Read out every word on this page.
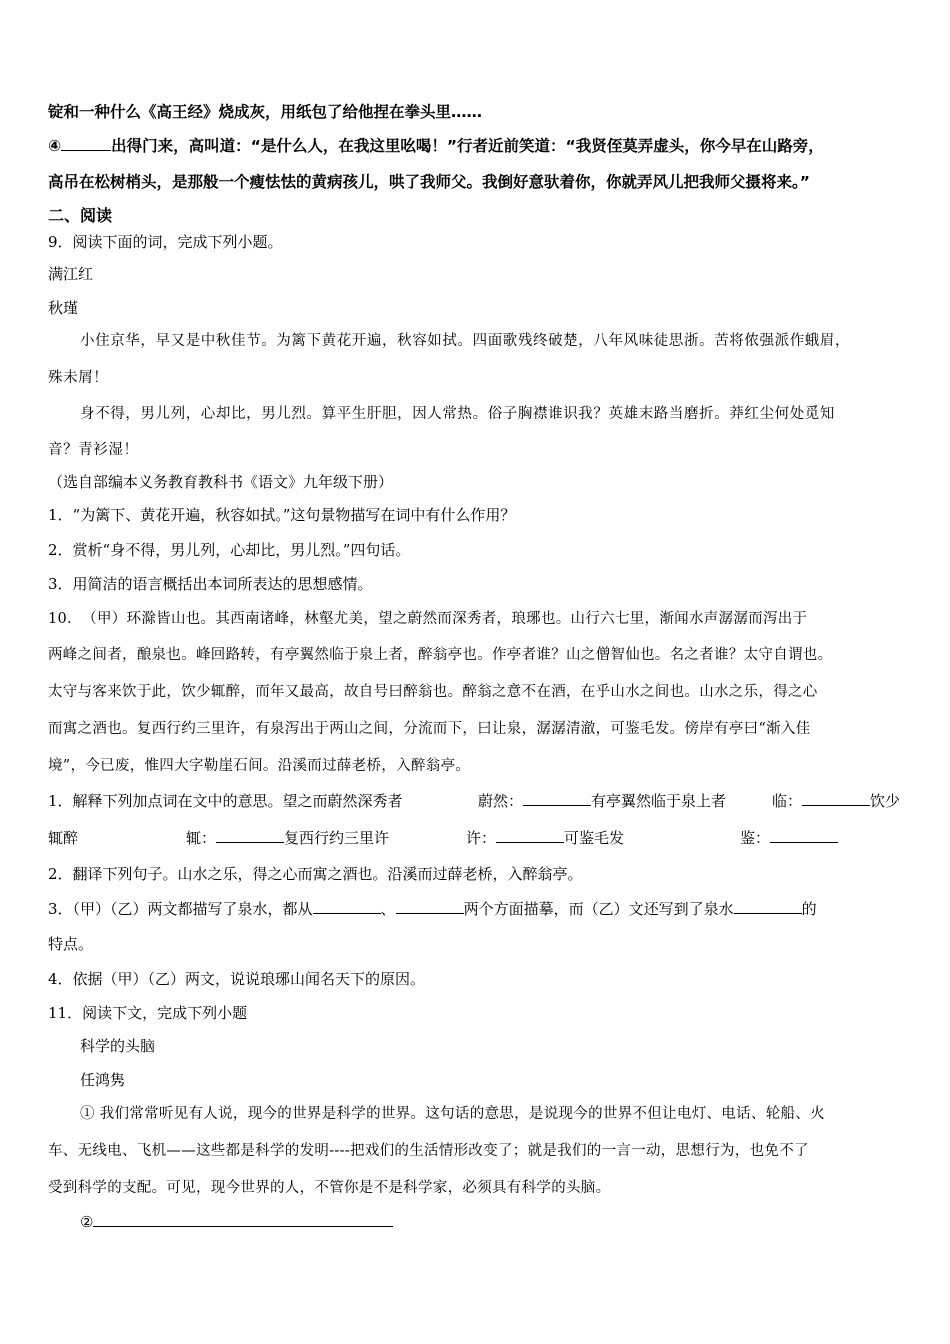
锭和一种什么《高王经》烧成灰，用纸包了给他捏在拳头里……
④	出得门来，高叫道：“是什么人，在我这里吆喝！”行者近前笑道：“我贤侄莫弄虚头，你今早在山路旁，
高吊在松树梢头，是那般一个瘦怯怯的黄病孩儿，哄了我师父。我倒好意驮着你，你就弄风儿把我师父摄将来。”
二、阅读
9．阅读下面的词，完成下列小题。
满江红
秋瑾
小住京华，早又是中秋佳节。为篱下黄花开遍，秋容如拭。四面歌残终破楚，八年风味徒思浙。苦将侬强派作蛾眉，
殊未屑！
身不得，男儿列，心却比，男儿烈。算平生肝胆，因人常热。俗子胸襟谁识我？英雄末路当磨折。莽红尘何处觅知
音？青衫湿！
（选自部编本义务教育教科书《语文》九年级下册）
1．“为篱下、黄花开遍，秋容如拭。”这句景物描写在词中有什么作用？
2．赏析“身不得，男儿列，心却比，男儿烈。”四句话。
3．用简洁的语言概括出本词所表达的思想感情。
10．　（甲）环滁皆山也。其西南诸峰，林壑尤美，望之蔚然而深秀者，琅琊也。山行六七里，渐闻水声潺潺而泻出于
两峰之间者，酿泉也。峰回路转，有亭翼然临于泉上者，醉翁亭也。作亭者谁？山之僧智仙也。名之者谁？太守自谓也。
太守与客来饮于此，饮少辄醉，而年又最高，故自号曰醉翁也。醉翁之意不在酒，在乎山水之间也。山水之乐，得之心
而寓之酒也。复西行约三里许，有泉泻出于两山之间，分流而下，曰让泉，潺潺清澈，可鉴毛发。傍岸有亭曰“渐入佳
境”，今已废，惟四大字勒崖石间。沿溪而过薛老桥，入醉翁亭。
1．解释下列加点词在文中的意思。望之而蔚然深秀者	蔚然：	有亭翼然临于泉上者	临：	饮少
辄醉	辄：	复西行约三里许	许：	可鉴毛发	鉴：
2．翻译下列句子。山水之乐，得之心而寓之酒也。沿溪而过薛老桥，入醉翁亭。
3．（甲）（乙）两文都描写了泉水，都从	、	两个方面描摹，而（乙）文还写到了泉水	的
特点。
4．依据（甲）（乙）两文，说说琅琊山闻名天下的原因。
11．阅读下文，完成下列小题
科学的头脑
任鸿隽
① 我们常常听见有人说，现今的世界是科学的世界。这句话的意思，是说现今的世界不但让电灯、电话、轮船、火
车、无线电、飞机——这些都是科学的发明----把戏们的生活情形改变了；就是我们的一言一动，思想行为，也免不了
受到科学的支配。可见，现今世界的人，不管你是不是科学家，必须具有科学的头脑。
②
